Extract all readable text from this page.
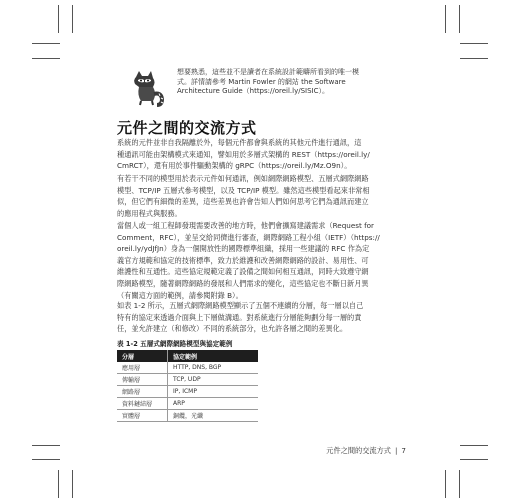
想要熟悉，這些並不是讀者在系統設計範疇所看到的唯一模

式。詳情請參考 Martin Fowler 的網站 the Software

Architecture Guide（https://oreil.ly/SISIC）。

元件之間的交流方式
系統的元件並非自我隔離於外，每個元件都會與系統的其他元件進行通訊，這
種通訊可能由架構模式來通知，譬如用於多層式架構的 REST（https://oreil.ly/
CmRCT），還有用於事件驅動架構的 gRPC（https://oreil.ly/Mz.O9n）。
有若干不同的模型用於表示元件如何通訊，例如網際網路模型、五層式網際網路
模型、TCP/IP 五層式參考模型，以及 TCP/IP 模型。雖然這些模型看起來非常相
似，但它們有細微的差異，這些差異也許會告知人們如何思考它們為通訊而建立
的應用程式與服務。
當個人或一組工程師發現需要改善的地方時，他們會擴寫建議需求（Request for
Comment，RFC），並呈交給同儕進行審查，網際網路工程小組（IETF）（https://
oreil.ly/ydJfJn）身為一個開放性的國際標準組織，採用一些建議的 RFC 作為定
義官方規範和協定的技術標準，致力於維護和改善網際網路的設計、易用性、可
維護性和互通性。這些協定規範定義了設備之間如何相互通訊，同時大致遵守網
際網路模型，隨著網際網路的發展和人們需求的變化，這些協定也不斷日新月異
（有關這方面的範例，請參閱附錄 B）。
如表 1-2 所示，五層式網際網路模型顯示了五個不連續的分層，每一層以自己
特有的協定來透過介面與上下層做溝通。對系統進行分層能夠劃分每一層的責
任，並允許建立（和修改）不同的系統部分，也允許各層之間的差異化。

表 1-2 五層式網際網路模型與協定範例

分層	協定範例
應用層	HTTP, DNS, BGP
傳輸層	TCP, UDP
網路層	IP, ICMP
資料鏈結層	ARP
實體層	銅纜，光纖
元件之間的交流方式 | 7
